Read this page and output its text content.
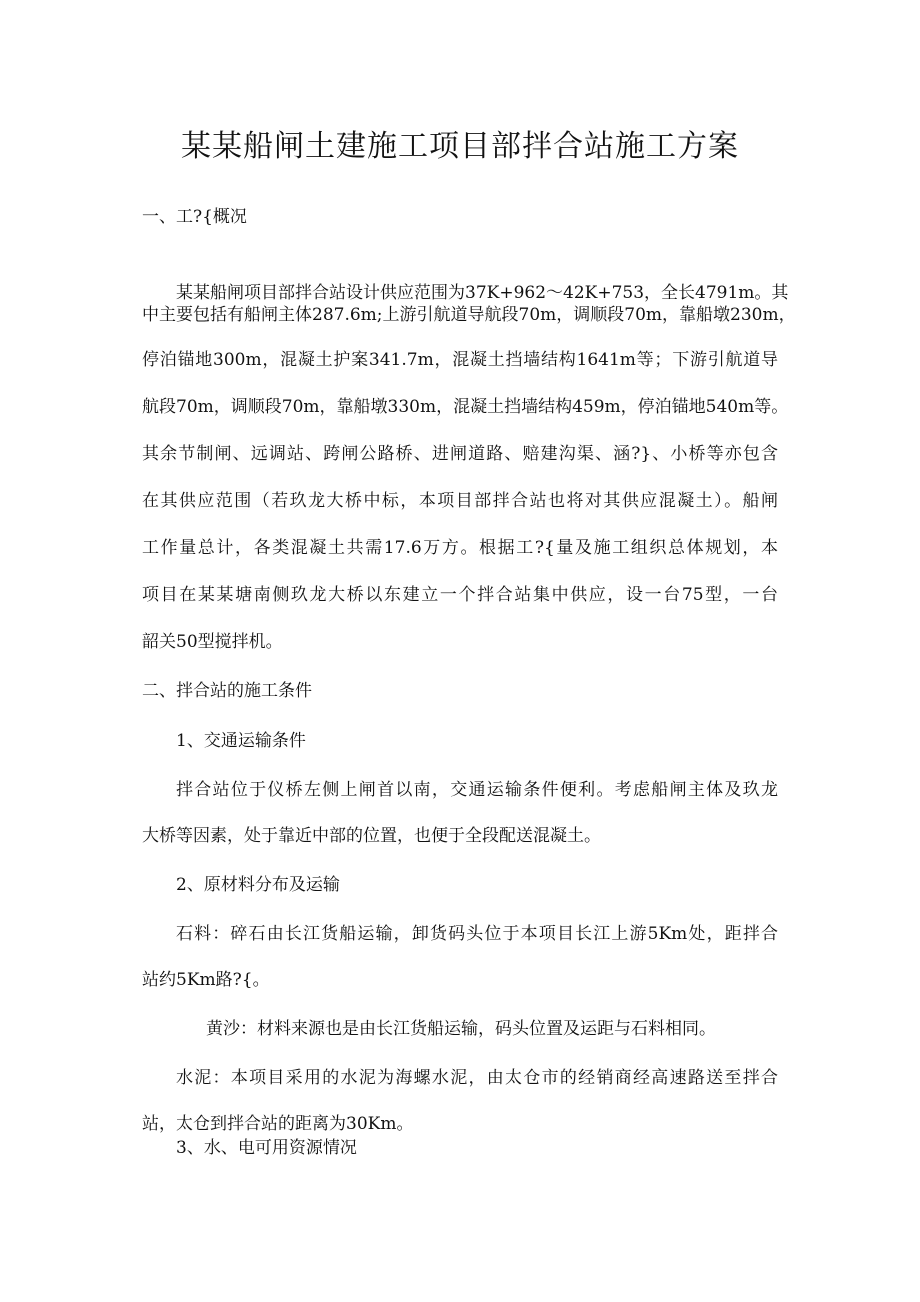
某某船闸土建施工项目部拌合站施工方案
一、工?{概况
某某船闸项目部拌合站设计供应范围为37K+962～42K+753，全长4791m。其
中主要包括有船闸主体287.6m;上游引航道导航段70m，调顺段70m，靠船墩230m，
停泊锚地300m，混凝土护案341.7m，混凝土挡墙结构1641m等；下游引航道导
航段70m，调顺段70m，靠船墩330m，混凝土挡墙结构459m，停泊锚地540m等。
其余节制闸、远调站、跨闸公路桥、进闸道路、赔建沟渠、涵?}、小桥等亦包含
在其供应范围（若玖龙大桥中标，本项目部拌合站也将对其供应混凝土）。船闸
工作量总计，各类混凝土共需17.6万方。根据工?{量及施工组织总体规划，本
项目在某某塘南侧玖龙大桥以东建立一个拌合站集中供应，设一台75型，一台
韶关50型搅拌机。
二、拌合站的施工条件
1、交通运输条件
拌合站位于仪桥左侧上闸首以南，交通运输条件便利。考虑船闸主体及玖龙
大桥等因素，处于靠近中部的位置，也便于全段配送混凝土。
2、原材料分布及运输
石料：碎石由长江货船运输，卸货码头位于本项目长江上游5Km处，距拌合
站约5Km路?{。
黄沙：材料来源也是由长江货船运输，码头位置及运距与石料相同。
水泥：本项目采用的水泥为海螺水泥，由太仓市的经销商经高速路送至拌合
站，太仓到拌合站的距离为30Km。
3、水、电可用资源情况
